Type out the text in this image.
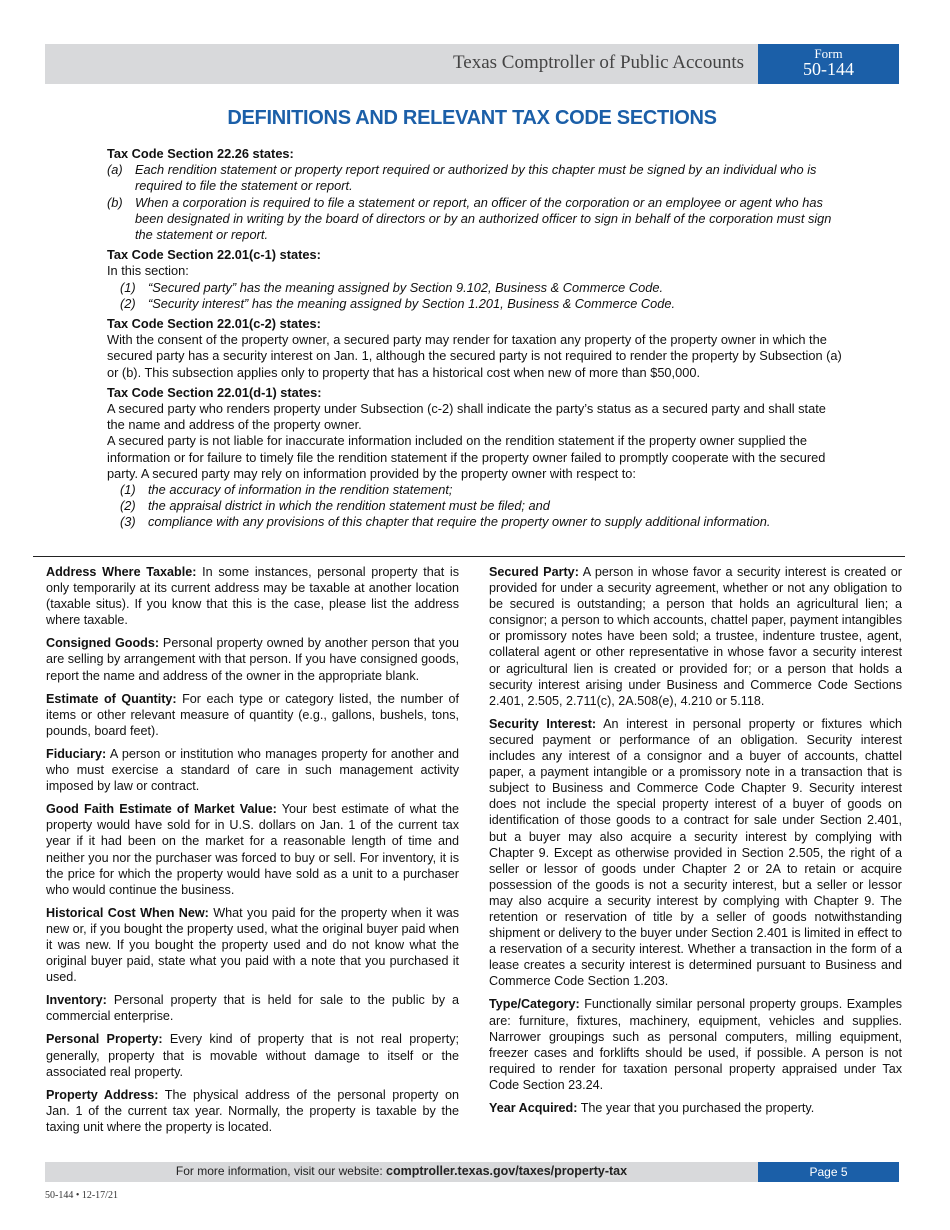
Texas Comptroller of Public Accounts	Form
50-144
DEFINITIONS AND RELEVANT TAX CODE SECTIONS
Tax Code Section 22.26 states:
(a) Each rendition statement or property report required or authorized by this chapter must be signed by an individual who is required to file the statement or report.
(b) When a corporation is required to file a statement or report, an officer of the corporation or an employee or agent who has been designated in writing by the board of directors or by an authorized officer to sign in behalf of the corporation must sign the statement or report.
Tax Code Section 22.01(c-1) states:

In this section:

(1) “Secured party” has the meaning assigned by Section 9.102, Business & Commerce Code.
(2) “Security interest” has the meaning assigned by Section 1.201, Business & Commerce Code.
Tax Code Section 22.01(c-2) states:

With the consent of the property owner, a secured party may render for taxation any property of the property owner in which the secured party has a security interest on Jan. 1, although the secured party is not required to render the property by Subsection (a) or (b). This subsection applies only to property that has a historical cost when new of more than $50,000.

Tax Code Section 22.01(d-1) states:

A secured party who renders property under Subsection (c-2) shall indicate the party’s status as a secured party and shall state the name and address of the property owner.

A secured party is not liable for inaccurate information included on the rendition statement if the property owner supplied the information or for failure to timely file the rendition statement if the property owner failed to promptly cooperate with the secured party. A secured party may rely on information provided by the property owner with respect to:

(1) the accuracy of information in the rendition statement;
(2) the appraisal district in which the rendition statement must be filed; and
(3) compliance with any provisions of this chapter that require the property owner to supply additional information.

Address Where Taxable: In some instances, personal property that is only temporarily at its current address may be taxable at another location (taxable situs). If you know that this is the case, please list the address where taxable.

Consigned Goods: Personal property owned by another person that you are selling by arrangement with that person. If you have consigned goods, report the name and address of the owner in the appropriate blank.

Estimate of Quantity: For each type or category listed, the number of items or other relevant measure of quantity (e.g., gallons, bushels, tons, pounds, board feet).

Fiduciary: A person or institution who manages property for another and who must exercise a standard of care in such management activity imposed by law or contract.

Good Faith Estimate of Market Value: Your best estimate of what the property would have sold for in U.S. dollars on Jan. 1 of the current tax year if it had been on the market for a reasonable length of time and neither you nor the purchaser was forced to buy or sell. For inventory, it is the price for which the property would have sold as a unit to a purchaser who would continue the business.

Historical Cost When New: What you paid for the property when it was new or, if you bought the property used, what the original buyer paid when it was new. If you bought the property used and do not know what the original buyer paid, state what you paid with a note that you purchased it used.

Inventory: Personal property that is held for sale to the public by a commercial enterprise.

Personal Property: Every kind of property that is not real property; generally, property that is movable without damage to itself or the associated real property.

Property Address: The physical address of the personal property on Jan. 1 of the current tax year. Normally, the property is taxable by the taxing unit where the property is located.

Secured Party: A person in whose favor a security interest is created or provided for under a security agreement, whether or not any obligation to be secured is outstanding; a person that holds an agricultural lien; a consignor; a person to which accounts, chattel paper, payment intangibles or promissory notes have been sold; a trustee, indenture trustee, agent, collateral agent or other representative in whose favor a security interest or agricultural lien is created or provided for; or a person that holds a security interest arising under Business and Commerce Code Sections 2.401, 2.505, 2.711(c), 2A.508(e), 4.210 or 5.118.

Security Interest: An interest in personal property or fixtures which secured payment or performance of an obligation. Security interest includes any interest of a consignor and a buyer of accounts, chattel paper, a payment intangible or a promissory note in a transaction that is subject to Business and Commerce Code Chapter 9. Security interest does not include the special property interest of a buyer of goods on identification of those goods to a contract for sale under Section 2.401, but a buyer may also acquire a security interest by complying with Chapter 9. Except as otherwise provided in Section 2.505, the right of a seller or lessor of goods under Chapter 2 or 2A to retain or acquire possession of the goods is not a security interest, but a seller or lessor may also acquire a security interest by complying with Chapter 9. The retention or reservation of title by a seller of goods notwithstanding shipment or delivery to the buyer under Section 2.401 is limited in effect to a reservation of a security interest. Whether a transaction in the form of a lease creates a security interest is determined pursuant to Business and Commerce Code Section 1.203.

Type/Category: Functionally similar personal property groups. Examples are: furniture, fixtures, machinery, equipment, vehicles and supplies. Narrower groupings such as personal computers, milling equipment, freezer cases and forklifts should be used, if possible. A person is not required to render for taxation personal property appraised under Tax Code Section 23.24.

Year Acquired: The year that you purchased the property.

For more information, visit our website: comptroller.texas.gov/taxes/property-tax	Page 5
50-144 • 12-17/21
